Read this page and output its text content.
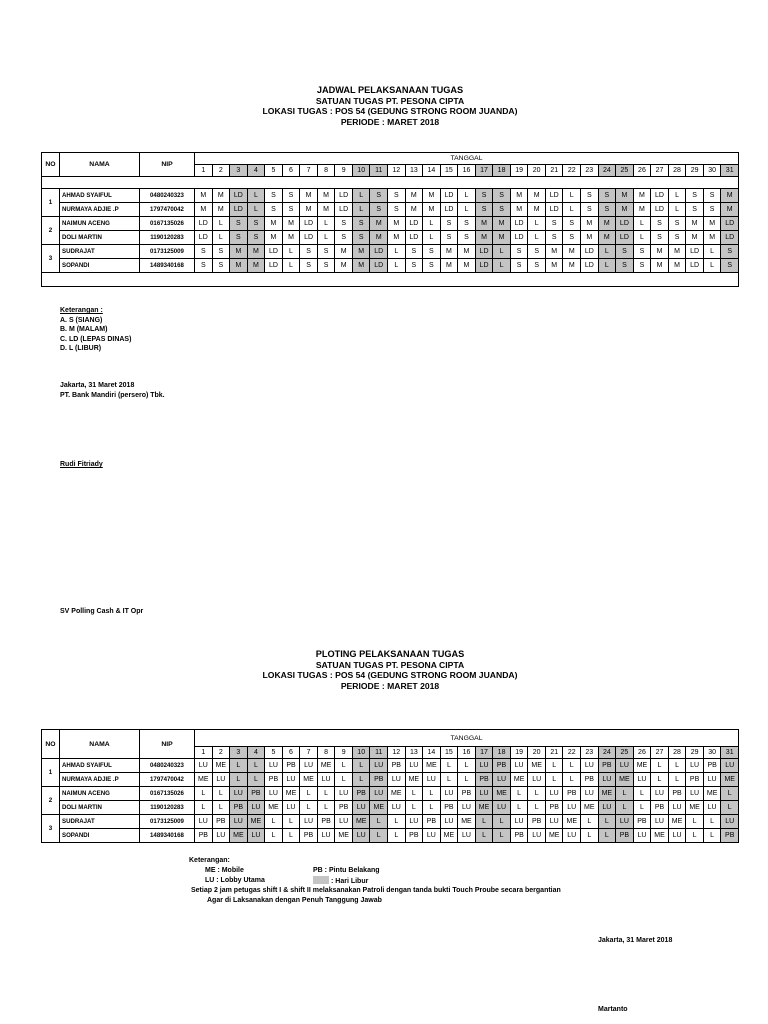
JADWAL PELAKSANAAN TUGAS
SATUAN TUGAS PT. PESONA CIPTA
LOKASI TUGAS : POS 54 (GEDUNG STRONG ROOM JUANDA)
PERIODE : MARET 2018
NO	NAMA	NIP	TANGGAL																														
			1	2	3	4	5	6	7	8	9	10	11	12	13	14	15	16	17	18	19	20	21	22	23	24	25	26	27	28	29	30	31

1	AHMAD SYAIFUL	0480240323	M	M	LD	L	S	S	M	M	LD	L	S	S	M	M	LD	L	S	S	M	M	LD	L	S	S	M	M	LD	L	S	S	M
	NURMAYA ADJIE .P	1797470042	M	M	LD	L	S	S	M	M	LD	L	S	S	M	M	LD	L	S	S	M	M	LD	L	S	S	M	M	LD	L	S	S	M
2	NAIMUN ACENG	0167135026	LD	L	S	S	M	M	LD	L	S	S	M	M	LD	L	S	S	M	M	LD	L	S	S	M	M	LD	L	S	S	M	M	LD
	DOLI MARTIN	1190120283	LD	L	S	S	M	M	LD	L	S	S	M	M	LD	L	S	S	M	M	LD	L	S	S	M	M	LD	L	S	S	M	M	LD
3	SUDRAJAT	0173125009	S	S	M	M	LD	L	S	S	M	M	LD	L	S	S	M	M	LD	L	S	S	M	M	LD	L	S	S	M	M	LD	L	S
	SOPANDI	1489340168	S	S	M	M	LD	L	S	S	M	M	LD	L	S	S	M	M	LD	L	S	S	M	M	LD	L	S	S	M	M	LD	L	S

Keterangan :
A. S (SIANG)
B. M (MALAM)
C. LD (LEPAS DINAS)
D. L (LIBUR)
Jakarta, 31 Maret 2018
PT. Bank Mandiri (persero) Tbk.
Rudi Fitriady
SV Polling Cash & IT Opr
PLOTING PELAKSANAAN TUGAS
SATUAN TUGAS PT. PESONA CIPTA
LOKASI TUGAS : POS 54 (GEDUNG STRONG ROOM JUANDA)
PERIODE : MARET 2018
NO	NAMA	NIP	TANGGAL																														
			1	2	3	4	5	6	7	8	9	10	11	12	13	14	15	16	17	18	19	20	21	22	23	24	25	26	27	28	29	30	31
1	AHMAD SYAIFUL	0480240323	LU	ME	L	L	LU	PB	LU	ME	L	L	LU	PB	LU	ME	L	L	LU	PB	LU	ME	L	L	LU	PB	LU	ME	L	L	LU	PB	LU
	NURMAYA ADJIE .P	1797470042	ME	LU	L	L	PB	LU	ME	LU	L	L	PB	LU	ME	LU	L	L	PB	LU	ME	LU	L	L	PB	LU	ME	LU	L	L	PB	LU	ME
2	NAIMUN ACENG	0167135026	L	L	LU	PB	LU	ME	L	L	LU	PB	LU	ME	L	L	LU	PB	LU	ME	L	L	LU	PB	LU	ME	L	L	LU	PB	LU	ME	L
	DOLI MARTIN	1190120283	L	L	PB	LU	ME	LU	L	L	PB	LU	ME	LU	L	L	PB	LU	ME	LU	L	L	PB	LU	ME	LU	L	L	PB	LU	ME	LU	L
3	SUDRAJAT	0173125009	LU	PB	LU	ME	L	L	LU	PB	LU	ME	L	L	LU	PB	LU	ME	L	L	LU	PB	LU	ME	L	L	LU	PB	LU	ME	L	L	LU
	SOPANDI	1489340168	PB	LU	ME	LU	L	L	PB	LU	ME	LU	L	L	PB	LU	ME	LU	L	L	PB	LU	ME	LU	L	L	PB	LU	ME	LU	L	L	PB
Keterangan:
ME : Mobile
LU : Lobby Utama
PB : Pintu Belakang
: Hari Libur
Setiap 2 jam petugas shift I & shift II melaksanakan Patroli dengan tanda bukti Touch Proube secara bergantian
Agar di Laksanakan dengan Penuh Tanggung Jawab
Jakarta, 31 Maret 2018
Martanto
